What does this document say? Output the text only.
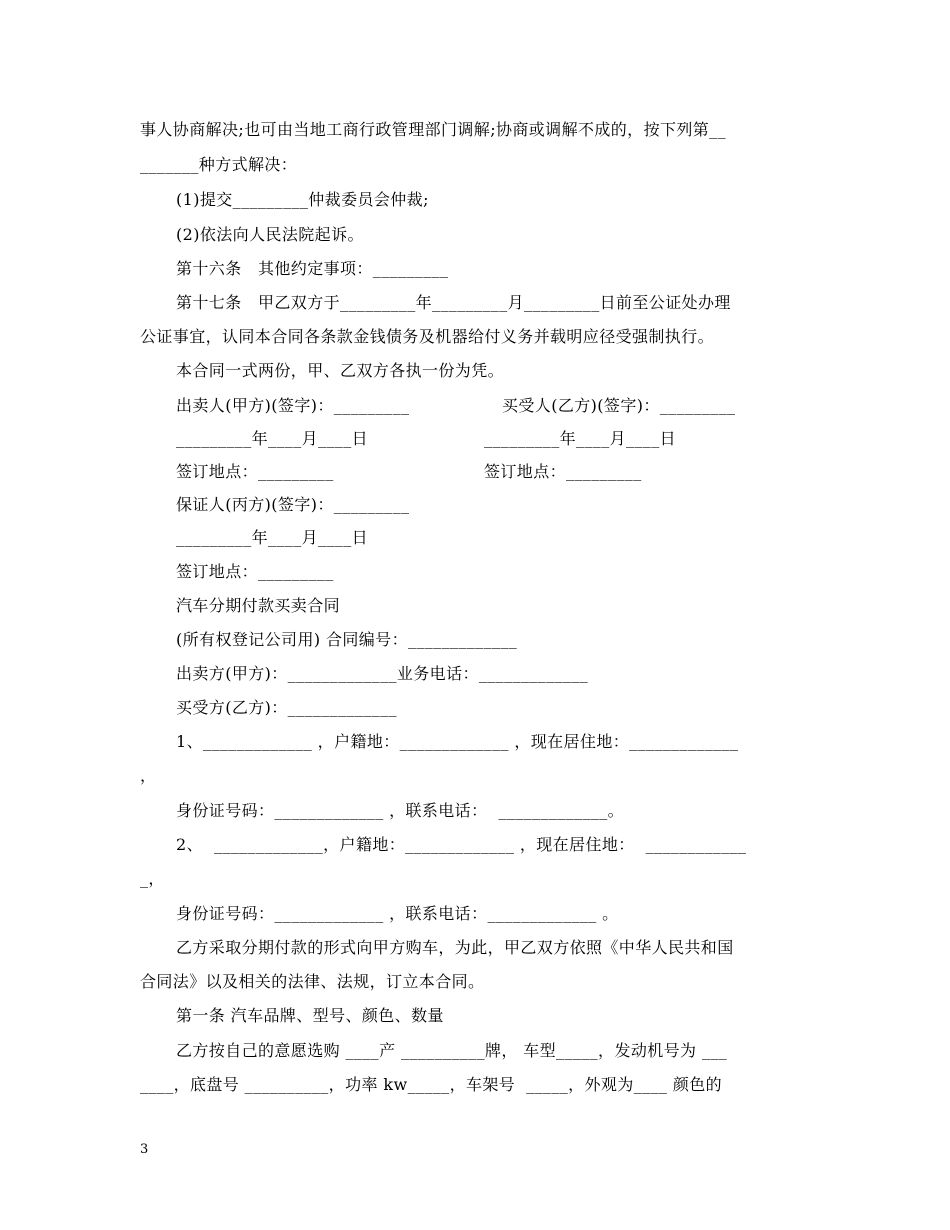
事人协商解决;也可由当地工商行政管理部门调解;协商或调解不成的，按下列第__
_______种方式解决：
(1)提交_________仲裁委员会仲裁;
(2)依法向人民法院起诉。
第十六条　其他约定事项：_________
第十七条　甲乙双方于_________年_________月_________日前至公证处办理
公证事宜，认同本合同各条款金钱债务及机器给付义务并载明应径受强制执行。
本合同一式两份，甲、乙双方各执一份为凭。
出卖人(甲方)(签字)：_________	买受人(乙方)(签字)：_________
_________年____月____日	_________年____月____日
签订地点：_________	签订地点：_________
保证人(丙方)(签字)：_________
_________年____月____日
签订地点：_________
汽车分期付款买卖合同
(所有权登记公司用) 合同编号：_____________
出卖方(甲方)：_____________业务电话：_____________
买受方(乙方)：_____________
1、_____________ ，户籍地：_____________ ，现在居住地：_____________
，
身份证号码：_____________ ，联系电话：  _____________。
2、  _____________，户籍地：_____________ ，现在居住地：  ____________
_，
身份证号码：_____________ ，联系电话：_____________ 。
乙方采取分期付款的形式向甲方购车，为此，甲乙双方依照《中华人民共和国
合同法》以及相关的法律、法规，订立本合同。
第一条 汽车品牌、型号、颜色、数量
乙方按自己的意愿选购 ____产 __________牌， 车型_____，发动机号为 ___
____，底盘号 __________，功率 kw_____，车架号  _____，外观为____ 颜色的
3
